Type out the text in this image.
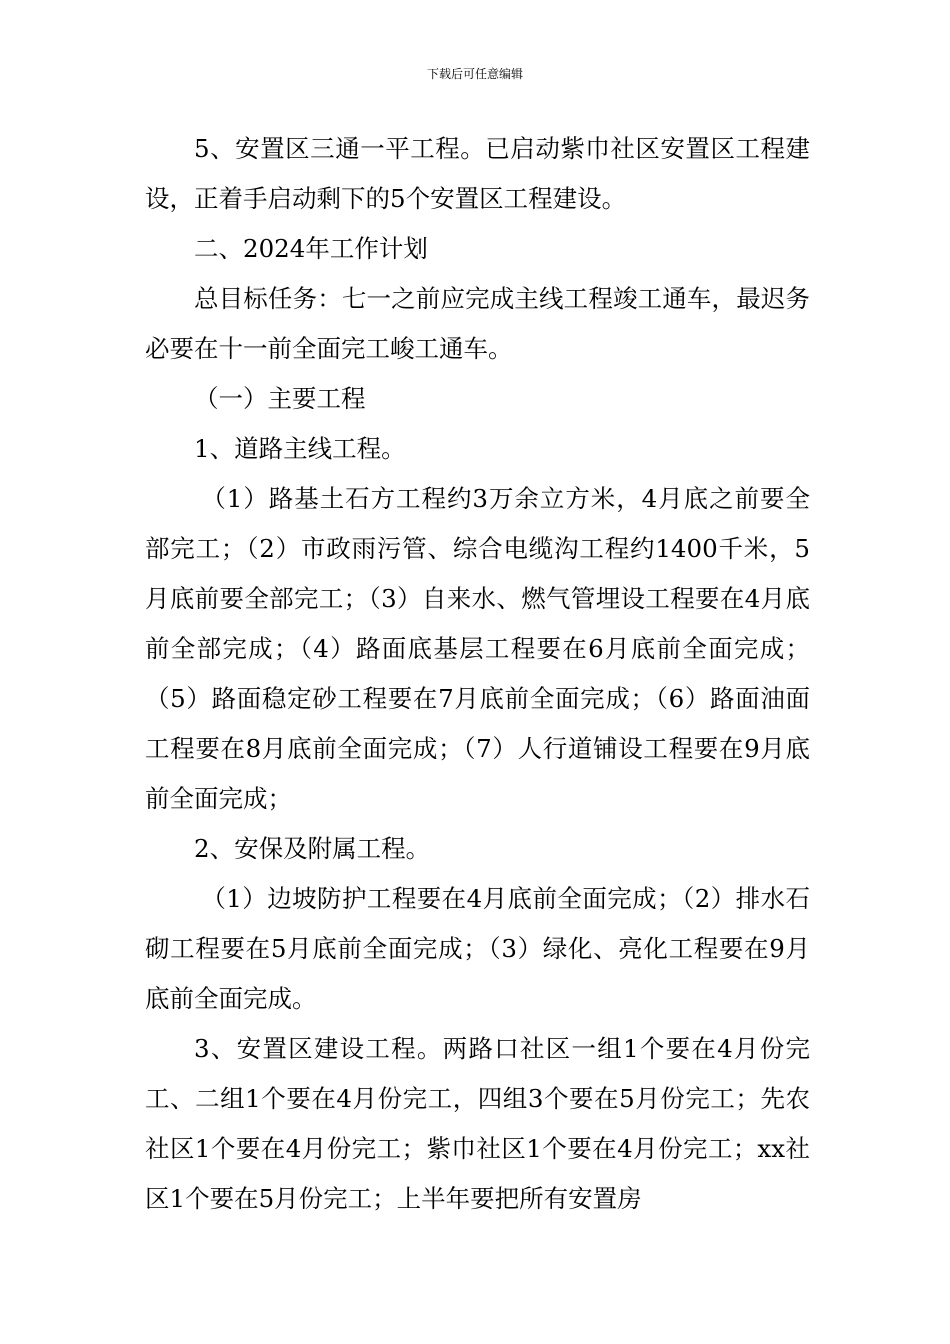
下载后可任意编辑

5、安置区三通一平工程。已启动紫巾社区安置区工程建设，正着手启动剩下的5个安置区工程建设。

二、2024年工作计划

总目标任务：七一之前应完成主线工程竣工通车，最迟务必要在十一前全面完工峻工通车。

（一）主要工程

1、道路主线工程。

（1）路基土石方工程约3万余立方米，4月底之前要全部完工；（2）市政雨污管、综合电缆沟工程约1400千米，5月底前要全部完工；（3）自来水、燃气管埋设工程要在4月底前全部完成；（4）路面底基层工程要在6月底前全面完成；（5）路面稳定砂工程要在7月底前全面完成；（6）路面油面工程要在8月底前全面完成；（7）人行道铺设工程要在9月底前全面完成；

2、安保及附属工程。

（1）边坡防护工程要在4月底前全面完成；（2）排水石砌工程要在5月底前全面完成；（3）绿化、亮化工程要在9月底前全面完成。

3、安置区建设工程。两路口社区一组1个要在4月份完工、二组1个要在4月份完工，四组3个要在5月份完工；先农社区1个要在4月份完工；紫巾社区1个要在4月份完工；xx社区1个要在5月份完工；上半年要把所有安置房
